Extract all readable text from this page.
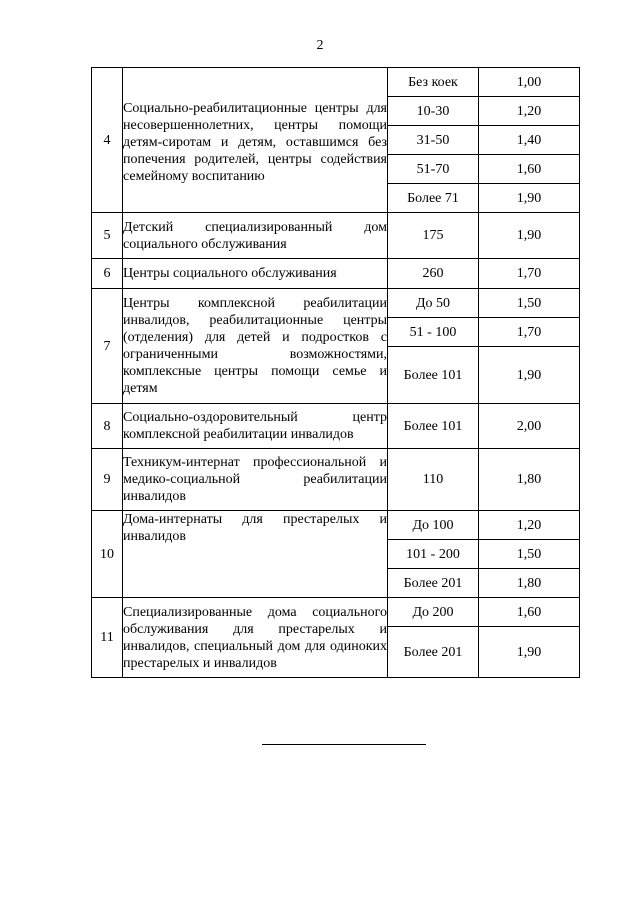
2
4	Социально-реабилитационные центры для несовершеннолетних, центры помощи детям-сиротам и детям, оставшимся без попечения родителей, центры содействия семейному воспитанию	Без коек	1,00
		10-30	1,20
		31-50	1,40
		51-70	1,60
		Более 71	1,90
5	Детский специализированный дом социального обслуживания	175	1,90
6	Центры социального обслуживания	260	1,70
7	Центры комплексной реабилитации инвалидов, реабилитационные центры (отделения) для детей и подростков с ограниченными возможностями, комплексные центры помощи семье и детям	До 50	1,50
		51 - 100	1,70
		Более 101	1,90
8	Социально-оздоровительный центр комплексной реабилитации инвалидов	Более 101	2,00
9	Техникум-интернат профессиональной и медико-социальной реабилитации инвалидов	110	1,80
10	Дома-интернаты для престарелых и инвалидов	До 100	1,20
		101 - 200	1,50
		Более 201	1,80
11	Специализированные дома социального обслуживания для престарелых и инвалидов, специальный дом для одиноких престарелых и инвалидов	До 200	1,60
		Более 201	1,90
